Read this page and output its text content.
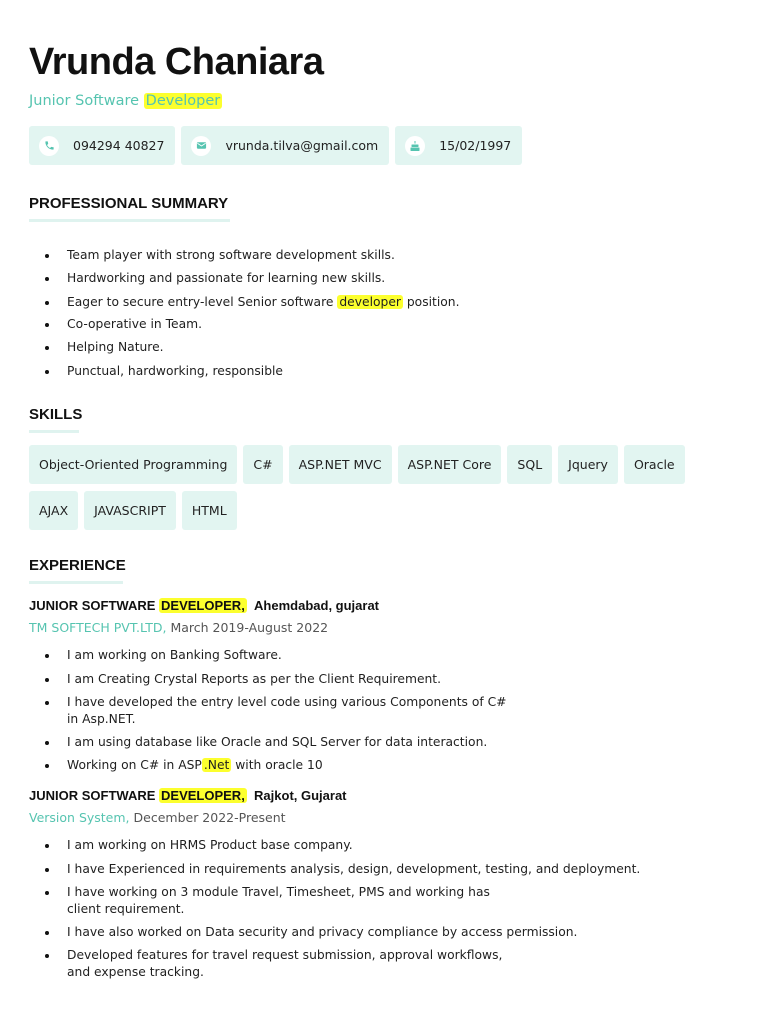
Vrunda Chaniara
Junior Software Developer
094294 40827	vrunda.tilva@gmail.com	15/02/1997
PROFESSIONAL SUMMARY
Team player with strong software development skills.
Hardworking and passionate for learning new skills.
Eager to secure entry-level Senior software developer position.
Co-operative in Team.
Helping Nature.
Punctual, hardworking, responsible
SKILLS
Object-Oriented Programming	C#	ASP.NET MVC	ASP.NET Core	SQL	Jquery	Oracle
AJAX	JAVASCRIPT	HTML
EXPERIENCE
JUNIOR SOFTWARE DEVELOPER, Ahemdabad, gujarat
TM SOFTECH PVT.LTD, March 2019-August 2022
I am working on Banking Software.
I am Creating Crystal Reports as per the Client Requirement.
I have developed the entry level code using various Components of C# in Asp.NET.
I am using database like Oracle and SQL Server for data interaction.
Working on C# in ASP .Net with oracle 10
JUNIOR SOFTWARE DEVELOPER, Rajkot, Gujarat
Version System, December 2022-Present
I am working on HRMS Product base company.
I have Experienced in requirements analysis, design, development, testing, and deployment.
I have working on 3 module Travel, Timesheet, PMS and working has client requirement.
I have also worked on Data security and privacy compliance by access permission.
Developed features for travel request submission, approval workflows, and expense tracking.
